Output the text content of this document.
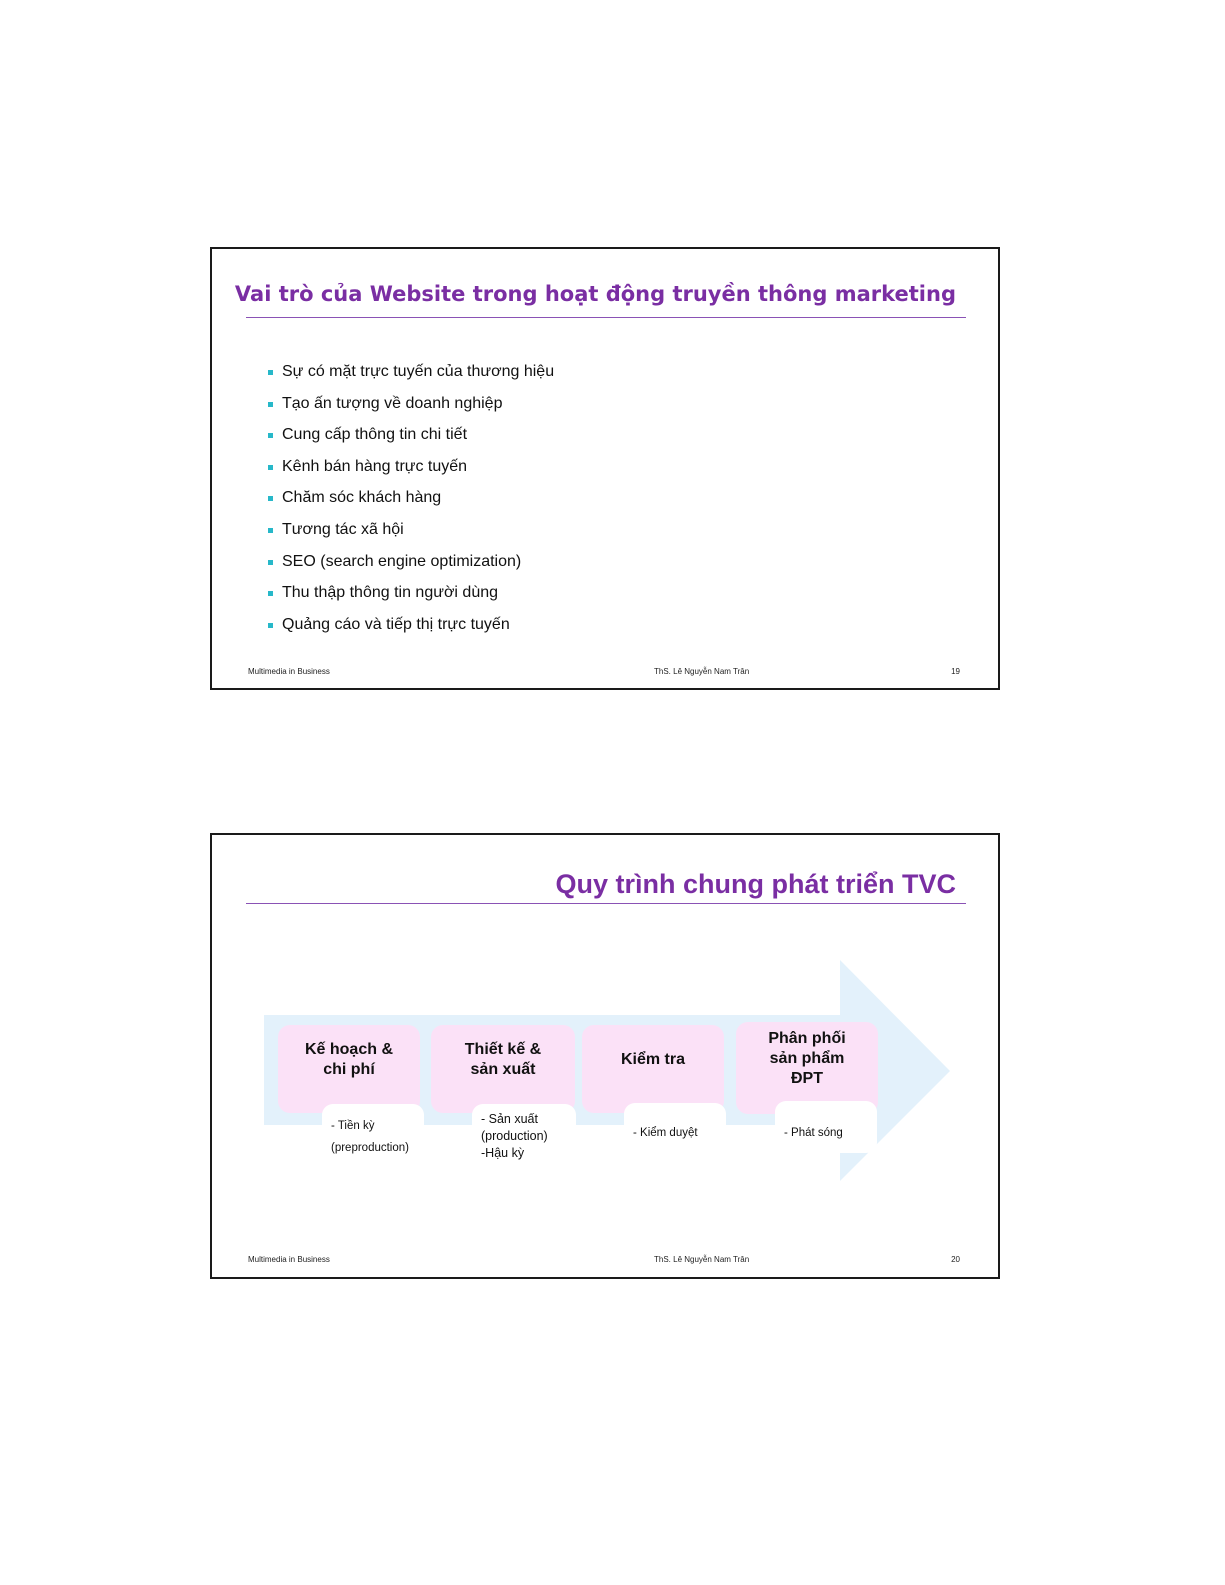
Vai trò của Website trong hoạt động truyền thông marketing
Sự có mặt trực tuyến của thương hiệu
Tạo ấn tượng về doanh nghiệp
Cung cấp thông tin chi tiết
Kênh bán hàng trực tuyến
Chăm sóc khách hàng
Tương tác xã hội
SEO (search engine optimization)
Thu thập thông tin người dùng
Quảng cáo và tiếp thị trực tuyến
Multimedia in Business	ThS. Lê Nguyễn Nam Trân	19
Quy trình chung phát triển TVC
Kế hoạch &
chi phí
Thiết kế &
sản xuất
Kiểm tra
Phân phối
sản phẩm
ĐPT
- Tiền kỳ
(preproduction)
- Sản xuất
(production)
-Hậu kỳ
- Kiểm duyệt	- Phát sóng
Multimedia in Business	ThS. Lê Nguyễn Nam Trân	20
